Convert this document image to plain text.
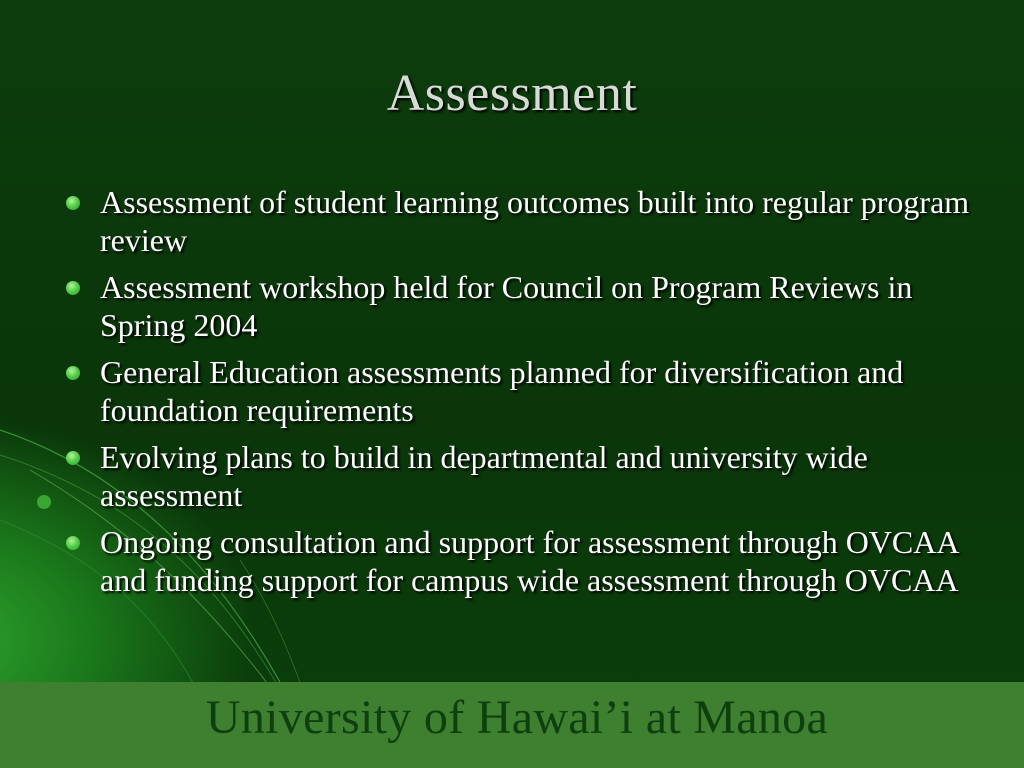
Assessment
Assessment of student learning outcomes built into regular program review
Assessment workshop held for Council on Program Reviews in Spring 2004
General Education assessments planned for diversification and foundation requirements
Evolving plans to build in departmental and university wide assessment
Ongoing consultation and support for assessment through OVCAA and funding support for campus wide assessment through OVCAA
University of Hawai’i at Manoa
